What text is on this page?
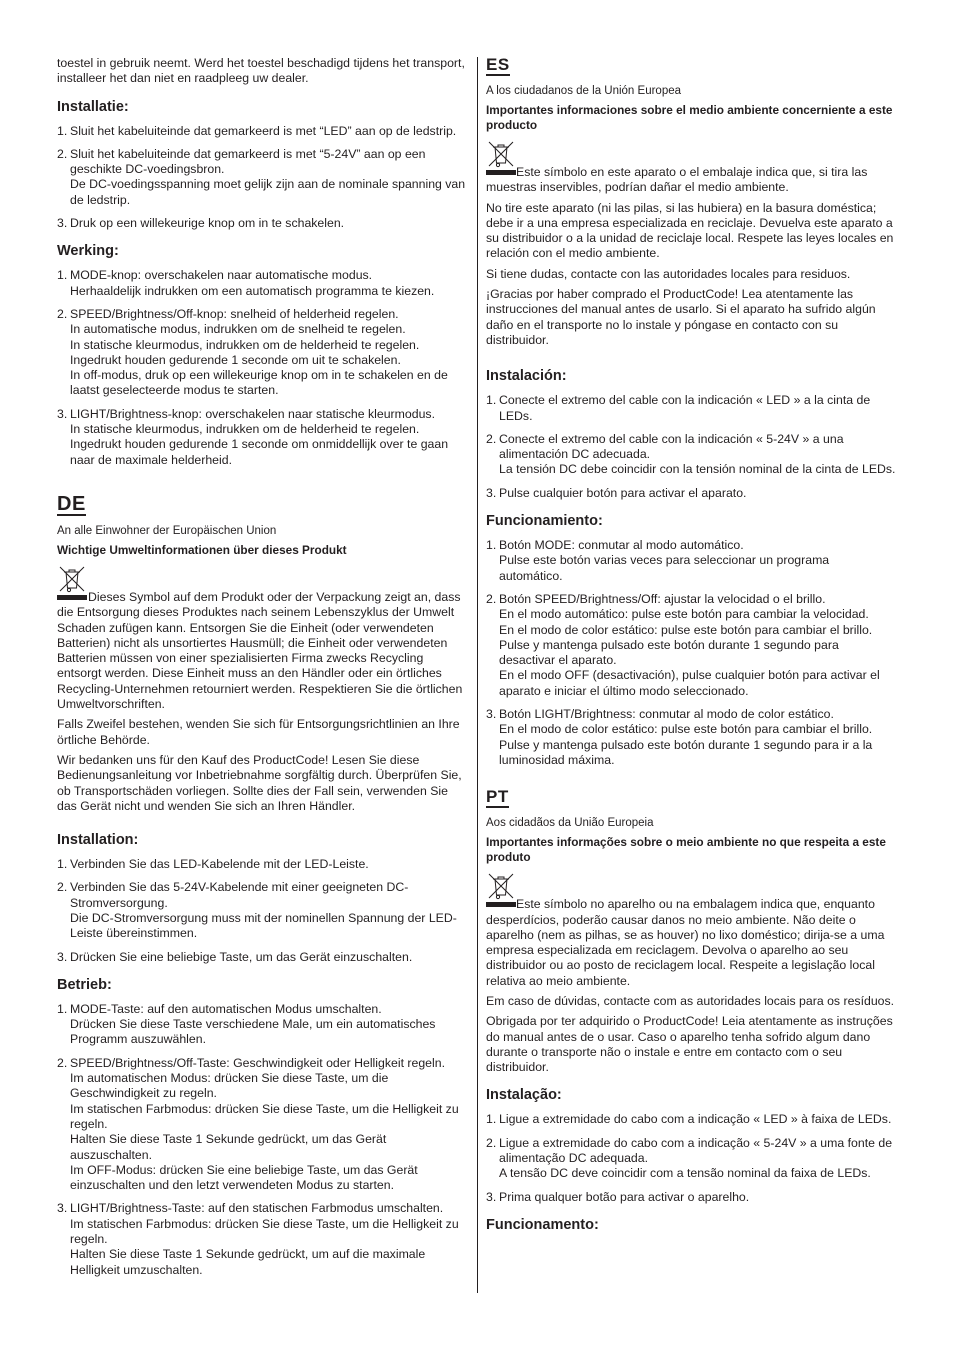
toestel in gebruik neemt. Werd het toestel beschadigd tijdens het transport, installeer het dan niet en raadpleeg uw dealer.

Installatie:
1. Sluit het kabeluiteinde dat gemarkeerd is met “LED” aan op de ledstrip.
2. Sluit het kabeluiteinde dat gemarkeerd is met “5-24V” aan op een geschikte DC-voedingsbron.
De DC-voedingsspanning moet gelijk zijn aan de nominale spanning van de ledstrip.
3. Druk op een willekeurige knop om in te schakelen.
Werking:
1. MODE-knop: overschakelen naar automatische modus.
Herhaaldelijk indrukken om een automatisch programma te kiezen.
2. SPEED/Brightness/Off-knop: snelheid of helderheid regelen.
In automatische modus, indrukken om de snelheid te regelen.
In statische kleurmodus, indrukken om de helderheid te regelen.
Ingedrukt houden gedurende 1 seconde om uit te schakelen.
In off-modus, druk op een willekeurige knop om in te schakelen en de laatst geselecteerde modus te starten.
3. LIGHT/Brightness-knop: overschakelen naar statische kleurmodus.
In statische kleurmodus, indrukken om de helderheid te regelen.
Ingedrukt houden gedurende 1 seconde om onmiddellijk over te gaan naar de maximale helderheid.
DE

An alle Einwohner der Europäischen Union

Wichtige Umweltinformationen über dieses Produkt

Dieses Symbol auf dem Produkt oder der Verpackung zeigt an, dass die Entsorgung dieses Produktes nach seinem Lebenszyklus der Umwelt Schaden zufügen kann. Entsorgen Sie die Einheit (oder verwendeten Batterien) nicht als unsortiertes Hausmüll; die Einheit oder verwendeten Batterien müssen von einer spezialisierten Firma zwecks Recycling entsorgt werden. Diese Einheit muss an den Händler oder ein örtliches Recycling-Unternehmen retourniert werden. Respektieren Sie die örtlichen Umweltvorschriften.

Falls Zweifel bestehen, wenden Sie sich für Entsorgungsrichtlinien an Ihre örtliche Behörde.

Wir bedanken uns für den Kauf des ProductCode! Lesen Sie diese Bedienungsanleitung vor Inbetriebnahme sorgfältig durch. Überprüfen Sie, ob Transportschäden vorliegen. Sollte dies der Fall sein, verwenden Sie das Gerät nicht und wenden Sie sich an Ihren Händler.

Installation:
1. Verbinden Sie das LED-Kabelende mit der LED-Leiste.
2. Verbinden Sie das 5-24V-Kabelende mit einer geeigneten DC-Stromversorgung.
Die DC-Stromversorgung muss mit der nominellen Spannung der LED-Leiste übereinstimmen.
3. Drücken Sie eine beliebige Taste, um das Gerät einzuschalten.
Betrieb:
1. MODE-Taste: auf den automatischen Modus umschalten.
Drücken Sie diese Taste verschiedene Male, um ein automatisches Programm auszuwählen.
2. SPEED/Brightness/Off-Taste: Geschwindigkeit oder Helligkeit regeln.
Im automatischen Modus: drücken Sie diese Taste, um die Geschwindigkeit zu regeln.
Im statischen Farbmodus: drücken Sie diese Taste, um die Helligkeit zu regeln.
Halten Sie diese Taste 1 Sekunde gedrückt, um das Gerät auszuschalten.
Im OFF-Modus: drücken Sie eine beliebige Taste, um das Gerät einzuschalten und den letzt verwendeten Modus zu starten.
3. LIGHT/Brightness-Taste: auf den statischen Farbmodus umschalten.
Im statischen Farbmodus: drücken Sie diese Taste, um die Helligkeit zu regeln.
Halten Sie diese Taste 1 Sekunde gedrückt, um auf die maximale Helligkeit umzuschalten.
ES

A los ciudadanos de la Unión Europea

Importantes informaciones sobre el medio ambiente concerniente a este producto

Este símbolo en este aparato o el embalaje indica que, si tira las muestras inservibles, podrían dañar el medio ambiente.

No tire este aparato (ni las pilas, si las hubiera) en la basura doméstica; debe ir a una empresa especializada en reciclaje. Devuelva este aparato a su distribuidor o a la unidad de reciclaje local. Respete las leyes locales en relación con el medio ambiente.

Si tiene dudas, contacte con las autoridades locales para residuos.

¡Gracias por haber comprado el ProductCode! Lea atentamente las instrucciones del manual antes de usarlo. Si el aparato ha sufrido algún daño en el transporte no lo instale y póngase en contacto con su distribuidor.

Instalación:
1. Conecte el extremo del cable con la indicación « LED » a la cinta de LEDs.
2. Conecte el extremo del cable con la indicación « 5-24V » a una alimentación DC adecuada.
La tensión DC debe coincidir con la tensión nominal de la cinta de LEDs.
3. Pulse cualquier botón para activar el aparato.
Funcionamiento:
1. Botón MODE: conmutar al modo automático.
Pulse este botón varias veces para seleccionar un programa automático.
2. Botón SPEED/Brightness/Off: ajustar la velocidad o el brillo.
En el modo automático: pulse este botón para cambiar la velocidad.
En el modo de color estático: pulse este botón para cambiar el brillo.
Pulse y mantenga pulsado este botón durante 1 segundo para desactivar el aparato.
En el modo OFF (desactivación), pulse cualquier botón para activar el aparato e iniciar el último modo seleccionado.
3. Botón LIGHT/Brightness: conmutar al modo de color estático.
En el modo de color estático: pulse este botón para cambiar el brillo.
Pulse y mantenga pulsado este botón durante 1 segundo para ir a la luminosidad máxima.
PT

Aos cidadãos da União Europeia

Importantes informações sobre o meio ambiente no que respeita a este produto

Este símbolo no aparelho ou na embalagem indica que, enquanto desperdícios, poderão causar danos no meio ambiente. Não deite o aparelho (nem as pilhas, se as houver) no lixo doméstico; dirija-se a uma empresa especializada em reciclagem. Devolva o aparelho ao seu distribuidor ou ao posto de reciclagem local. Respeite a legislação local relativa ao meio ambiente.

Em caso de dúvidas, contacte com as autoridades locais para os resíduos.

Obrigada por ter adquirido o ProductCode! Leia atentamente as instruções do manual antes de o usar. Caso o aparelho tenha sofrido algum dano durante o transporte não o instale e entre em contacto com o seu distribuidor.

Instalação:
1. Ligue a extremidade do cabo com a indicação « LED » à faixa de LEDs.
2. Ligue a extremidade do cabo com a indicação « 5-24V » a uma fonte de alimentação DC adequada.
A tensão DC deve coincidir com a tensão nominal da faixa de LEDs.
3. Prima qualquer botão para activar o aparelho.
Funcionamento:
